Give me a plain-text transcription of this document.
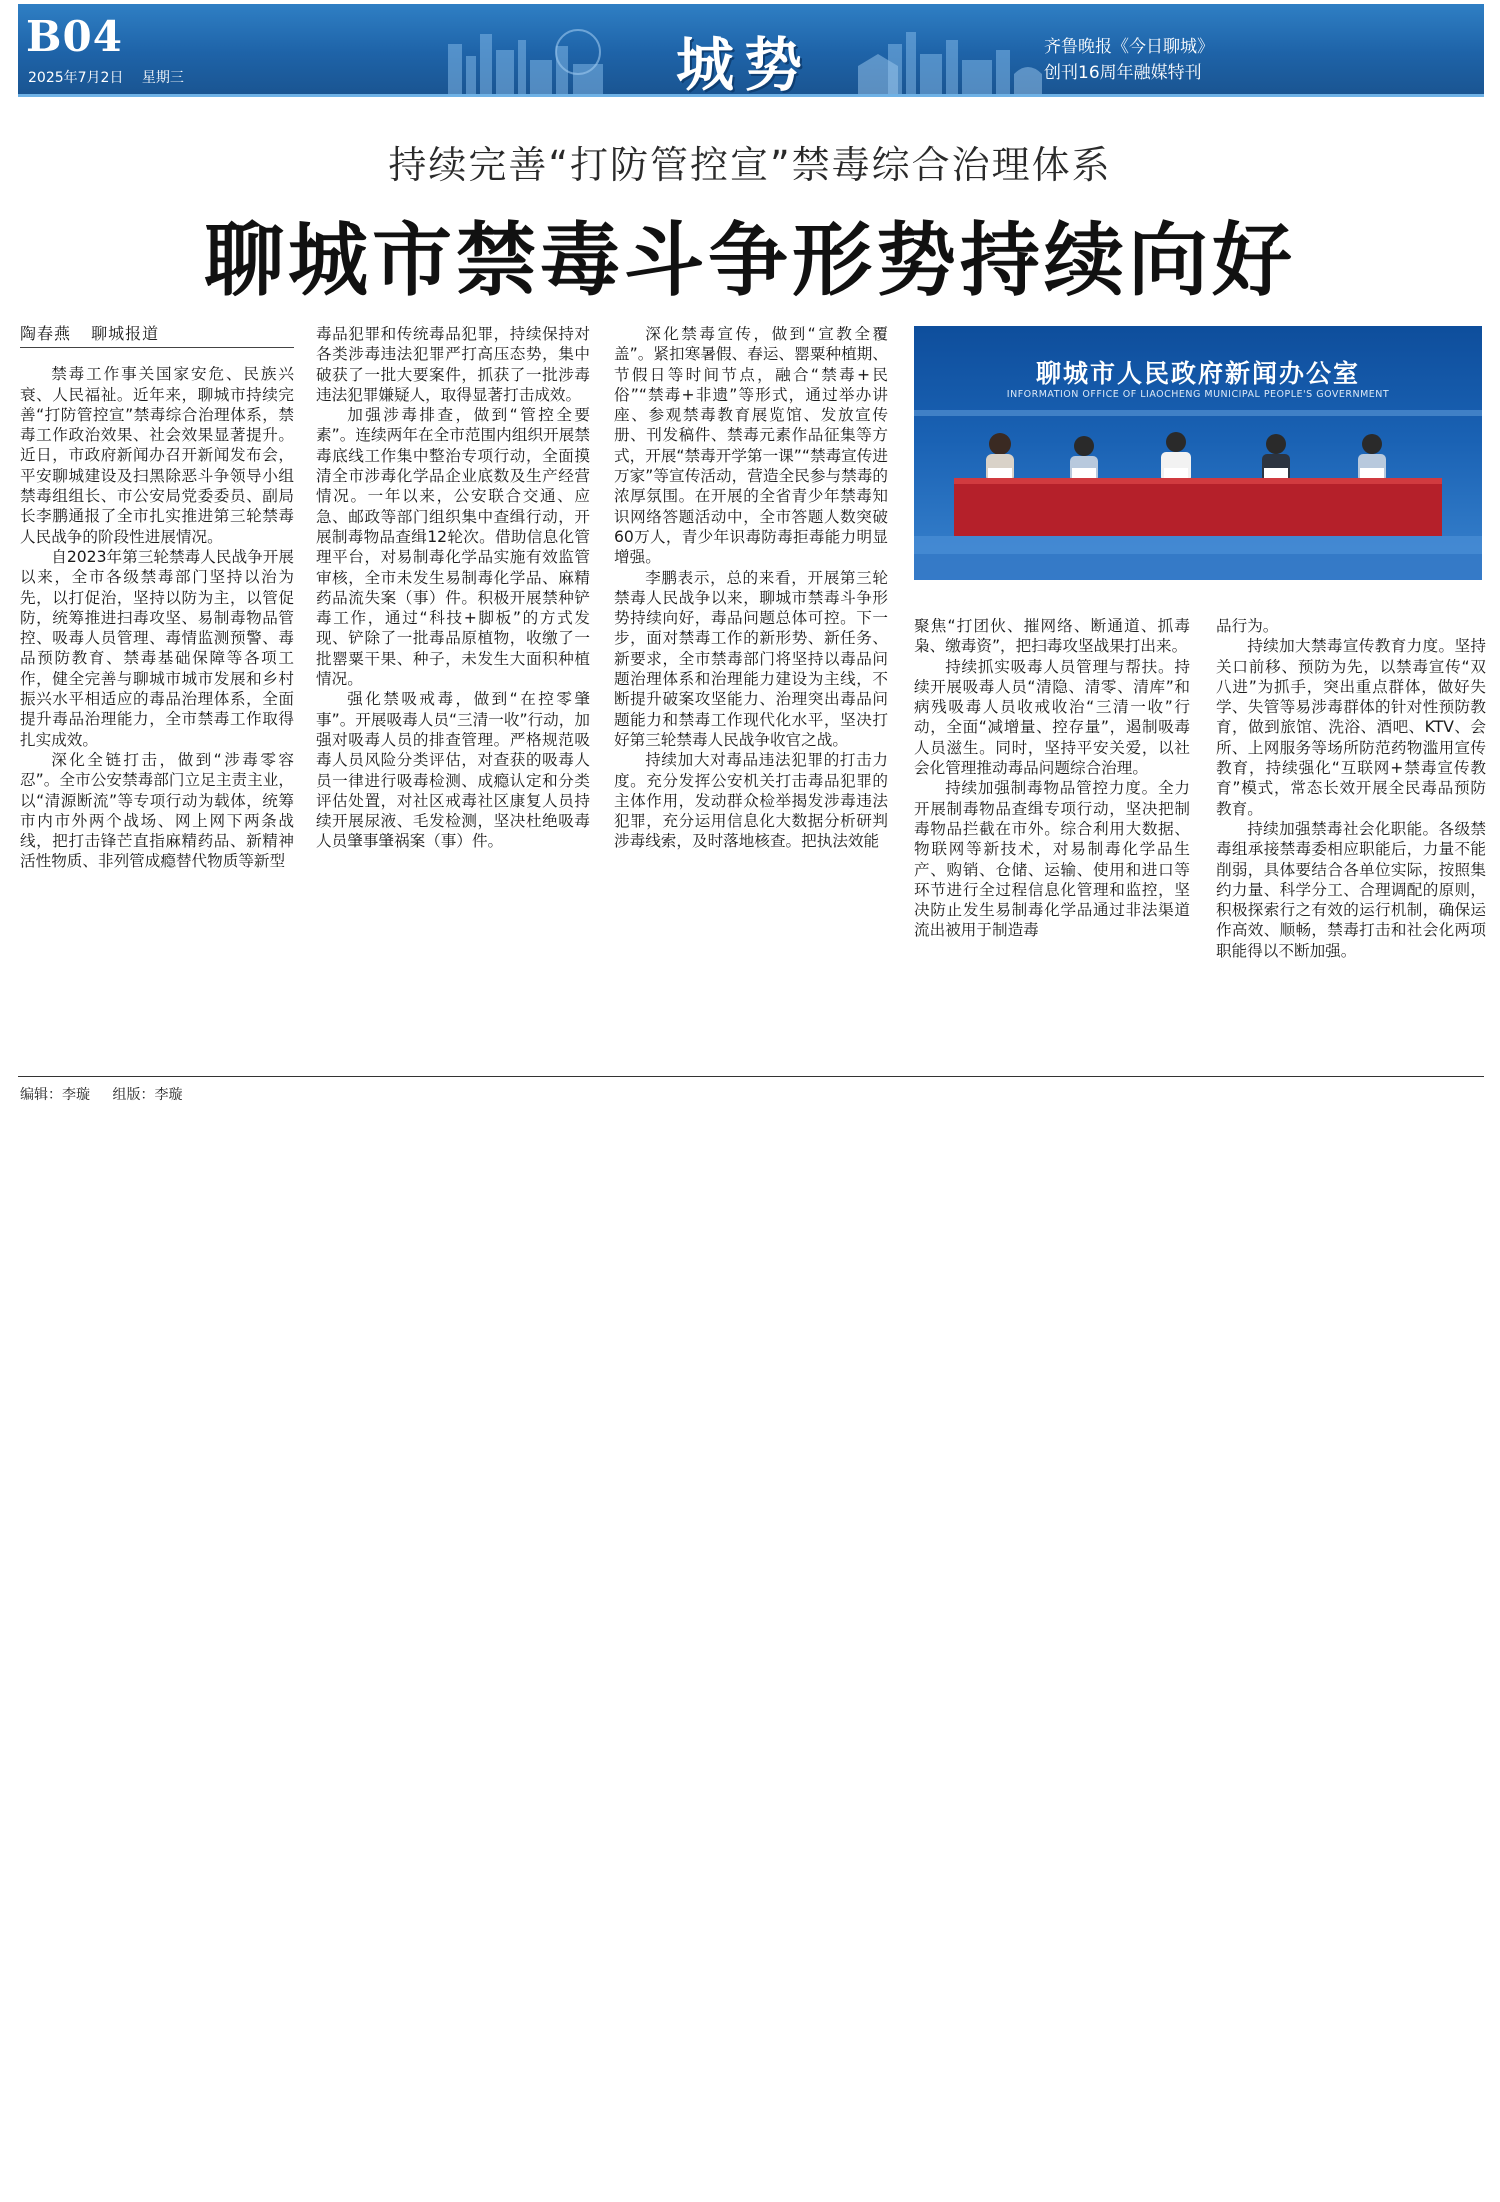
B04
2025年7月2日 星期三	城势	齐鲁晚报《今日聊城》
创刊16周年融媒特刊
持续完善“打防管控宣”禁毒综合治理体系
聊城市禁毒斗争形势持续向好
陶春燕 聊城报道

禁毒工作事关国家安危、民族兴衰、人民福祉。近年来，聊城市持续完善“打防管控宣”禁毒综合治理体系，禁毒工作政治效果、社会效果显著提升。近日，市政府新闻办召开新闻发布会，平安聊城建设及扫黑除恶斗争领导小组禁毒组组长、市公安局党委委员、副局长李鹏通报了全市扎实推进第三轮禁毒人民战争的阶段性进展情况。

自2023年第三轮禁毒人民战争开展以来，全市各级禁毒部门坚持以治为先，以打促治，坚持以防为主，以管促防，统筹推进扫毒攻坚、易制毒物品管控、吸毒人员管理、毒情监测预警、毒品预防教育、禁毒基础保障等各项工作，健全完善与聊城市城市发展和乡村振兴水平相适应的毒品治理体系，全面提升毒品治理能力，全市禁毒工作取得扎实成效。

深化全链打击，做到“涉毒零容忍”。全市公安禁毒部门立足主责主业，以“清源断流”等专项行动为载体，统筹市内市外两个战场、网上网下两条战线，把打击锋芒直指麻精药品、新精神活性物质、非列管成瘾替代物质等新型

毒品犯罪和传统毒品犯罪，持续保持对各类涉毒违法犯罪严打高压态势，集中破获了一批大要案件，抓获了一批涉毒违法犯罪嫌疑人，取得显著打击成效。

加强涉毒排查，做到“管控全要素”。连续两年在全市范围内组织开展禁毒底线工作集中整治专项行动，全面摸清全市涉毒化学品企业底数及生产经营情况。一年以来，公安联合交通、应急、邮政等部门组织集中查缉行动，开展制毒物品查缉12轮次。借助信息化管理平台，对易制毒化学品实施有效监管审核，全市未发生易制毒化学品、麻精药品流失案（事）件。积极开展禁种铲毒工作，通过“科技+脚板”的方式发现、铲除了一批毒品原植物，收缴了一批罂粟干果、种子，未发生大面积种植情况。

强化禁吸戒毒，做到“在控零肇事”。开展吸毒人员“三清一收”行动，加强对吸毒人员的排查管理。严格规范吸毒人员风险分类评估，对查获的吸毒人员一律进行吸毒检测、成瘾认定和分类评估处置，对社区戒毒社区康复人员持续开展尿液、毛发检测，坚决杜绝吸毒人员肇事肇祸案（事）件。

深化禁毒宣传，做到“宣教全覆盖”。紧扣寒暑假、春运、罂粟种植期、节假日等时间节点，融合“禁毒+民俗”“禁毒+非遗”等形式，通过举办讲座、参观禁毒教育展览馆、发放宣传册、刊发稿件、禁毒元素作品征集等方式，开展“禁毒开学第一课”“禁毒宣传进万家”等宣传活动，营造全民参与禁毒的浓厚氛围。在开展的全省青少年禁毒知识网络答题活动中，全市答题人数突破60万人，青少年识毒防毒拒毒能力明显增强。

李鹏表示，总的来看，开展第三轮禁毒人民战争以来，聊城市禁毒斗争形势持续向好，毒品问题总体可控。下一步，面对禁毒工作的新形势、新任务、新要求，全市禁毒部门将坚持以毒品问题治理体系和治理能力建设为主线，不断提升破案攻坚能力、治理突出毒品问题能力和禁毒工作现代化水平，坚决打好第三轮禁毒人民战争收官之战。

持续加大对毒品违法犯罪的打击力度。充分发挥公安机关打击毒品犯罪的主体作用，发动群众检举揭发涉毒违法犯罪，充分运用信息化大数据分析研判涉毒线索，及时落地核查。把执法效能

聊城市人民政府新闻办公室
INFORMATION OFFICE OF LIAOCHENG MUNICIPAL PEOPLE'S GOVERNMENT

聚焦“打团伙、摧网络、断通道、抓毒枭、缴毒资”，把扫毒攻坚战果打出来。

持续抓实吸毒人员管理与帮扶。持续开展吸毒人员“清隐、清零、清库”和病残吸毒人员收戒收治“三清一收”行动，全面“减增量、控存量”，遏制吸毒人员滋生。同时，坚持平安关爱，以社会化管理推动毒品问题综合治理。

持续加强制毒物品管控力度。全力开展制毒物品查缉专项行动，坚决把制毒物品拦截在市外。综合利用大数据、物联网等新技术，对易制毒化学品生产、购销、仓储、运输、使用和进口等环节进行全过程信息化管理和监控，坚决防止发生易制毒化学品通过非法渠道流出被用于制造毒

品行为。

持续加大禁毒宣传教育力度。坚持关口前移、预防为先，以禁毒宣传“双八进”为抓手，突出重点群体，做好失学、失管等易涉毒群体的针对性预防教育，做到旅馆、洗浴、酒吧、KTV、会所、上网服务等场所防范药物滥用宣传教育，持续强化“互联网+禁毒宣传教育”模式，常态长效开展全民毒品预防教育。

持续加强禁毒社会化职能。各级禁毒组承接禁毒委相应职能后，力量不能削弱，具体要结合各单位实际，按照集约力量、科学分工、合理调配的原则，积极探索行之有效的运行机制，确保运作高效、顺畅，禁毒打击和社会化两项职能得以不断加强。

编辑：李璇 组版：李璇
